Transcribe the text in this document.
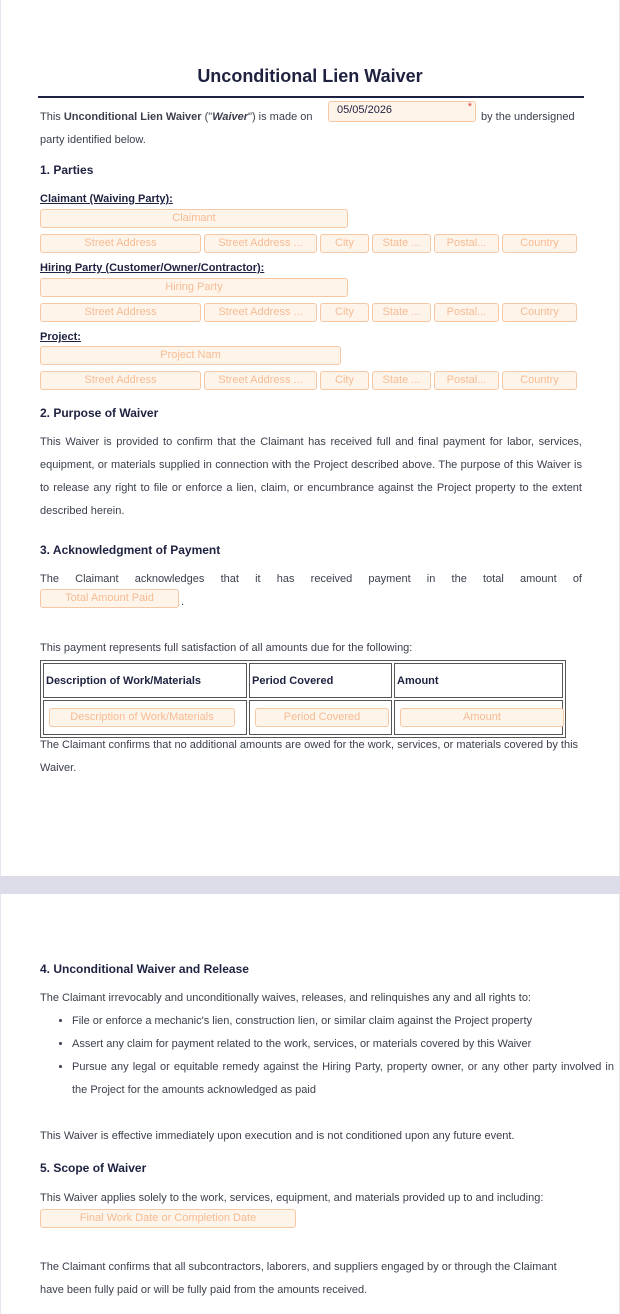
Unconditional Lien Waiver
This Unconditional Lien Waiver ("Waiver") is made on
05/05/2026	*
by the undersigned
party identified below.
1. Parties
Claimant (Waiving Party):
Claimant
Street Address	Street Address ...	City	State ...	Postal...	Country
Hiring Party (Customer/Owner/Contractor):
Hiring Party
Street Address	Street Address ...	City	State ...	Postal...	Country
Project:
Project Nam
Street Address	Street Address ...	City	State ...	Postal...	Country
2. Purpose of Waiver
This Waiver is provided to confirm that the Claimant has received full and final payment for labor, services, equipment, or materials supplied in connection with the Project described above. The purpose of this Waiver is to release any right to file or enforce a lien, claim, or encumbrance against the Project property to the extent described herein.
3. Acknowledgment of Payment
The Claimant acknowledges that it has received payment in the total amount of
Total Amount Paid	.
This payment represents full satisfaction of all amounts due for the following:
Description of Work/Materials	Period Covered	Amount

Description of Work/Materials	Period Covered	Amount
The Claimant confirms that no additional amounts are owed for the work, services, or materials covered by this Waiver.
4. Unconditional Waiver and Release
The Claimant irrevocably and unconditionally waives, releases, and relinquishes any and all rights to:
• File or enforce a mechanic's lien, construction lien, or similar claim against the Project property
• Assert any claim for payment related to the work, services, or materials covered by this Waiver
• Pursue any legal or equitable remedy against the Hiring Party, property owner, or any other party involved in the Project for the amounts acknowledged as paid
This Waiver is effective immediately upon execution and is not conditioned upon any future event.
5. Scope of Waiver
This Waiver applies solely to the work, services, equipment, and materials provided up to and including:
Final Work Date or Completion Date
The Claimant confirms that all subcontractors, laborers, and suppliers engaged by or through the Claimant have been fully paid or will be fully paid from the amounts received.
